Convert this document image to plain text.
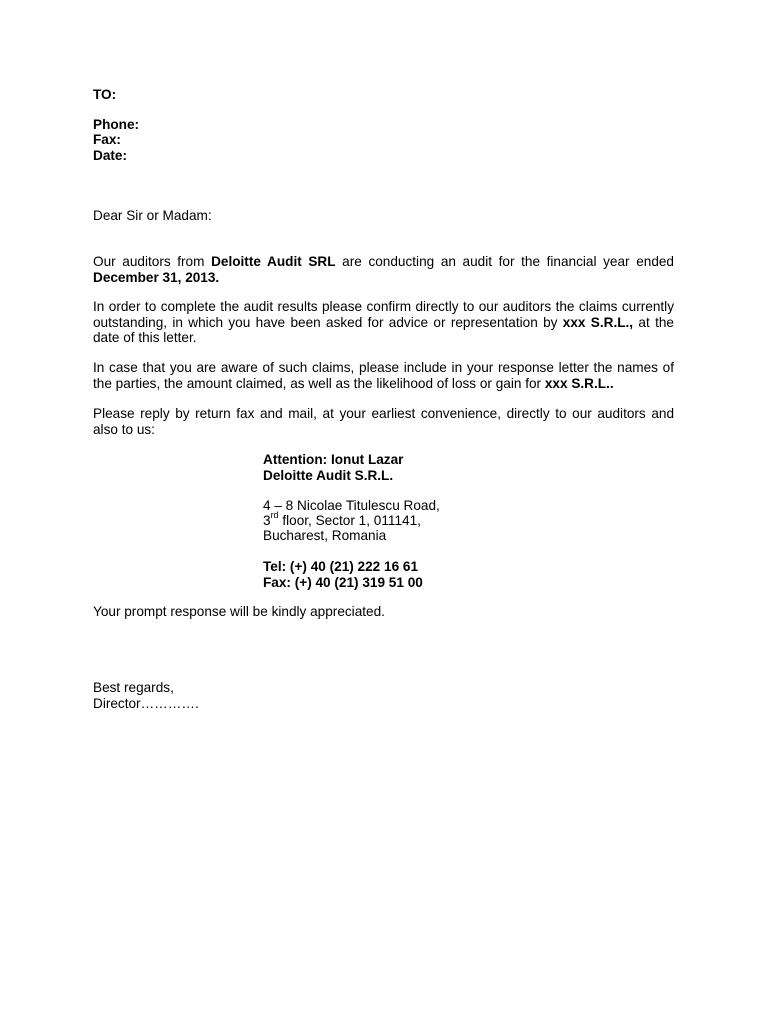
TO:
Phone:
Fax:
Date:
Dear Sir or Madam:

Our auditors from Deloitte Audit SRL are conducting an audit for the financial year ended December 31, 2013.

In order to complete the audit results please confirm directly to our auditors the claims currently outstanding, in which you have been asked for advice or representation by xxx S.R.L., at the date of this letter.

In case that you are aware of such claims, please include in your response letter the names of the parties, the amount claimed, as well as the likelihood of loss or gain for xxx S.R.L..

Please reply by return fax and mail, at your earliest convenience, directly to our auditors and also to us:

Attention: Ionut Lazar
Deloitte Audit S.R.L.
4 – 8 Nicolae Titulescu Road,
3rd floor, Sector 1, 011141,
Bucharest, Romania
Tel: (+) 40 (21) 222 16 61
Fax: (+) 40 (21) 319 51 00
Your prompt response will be kindly appreciated.
Best regards,
Director………….
